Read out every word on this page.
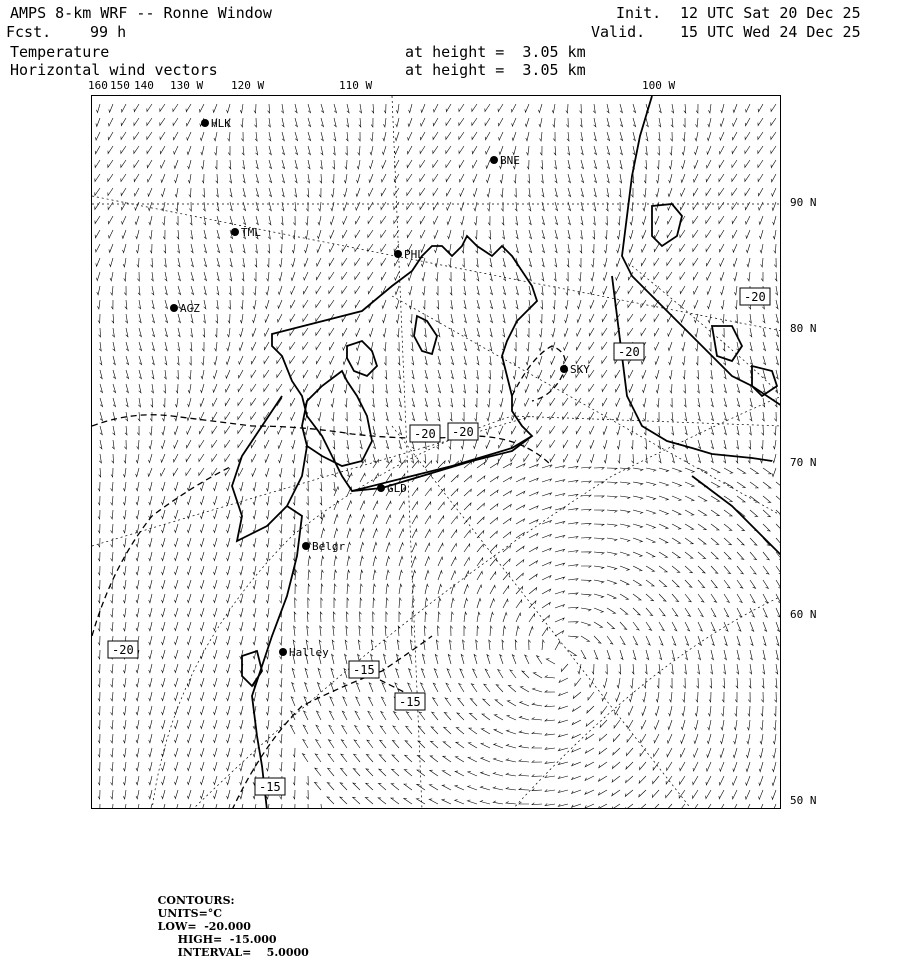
AMPS 8-km WRF -- Ronne Window
Fcst.	99 h
Init. 12 UTC Sat 20 Dec 25
Valid. 15 UTC Wed 24 Dec 25
Temperature
Horizontal wind vectors
at height =  3.05 km
at height =  3.05 km
160 150 140 130 W	120 W	110 W	100 W
90 N
80 N
70 N
60 N
50 N
-20 -20
-20
-20
-20
-15
-15
-15
HLK
BNE
TML
PHL
AGZ
SKY
GLD
Belgr
Halley

CONTOURS:
UNITS=°C
LOW=  -20.000
HIGH=  -15.000
INTERVAL=    5.0000
